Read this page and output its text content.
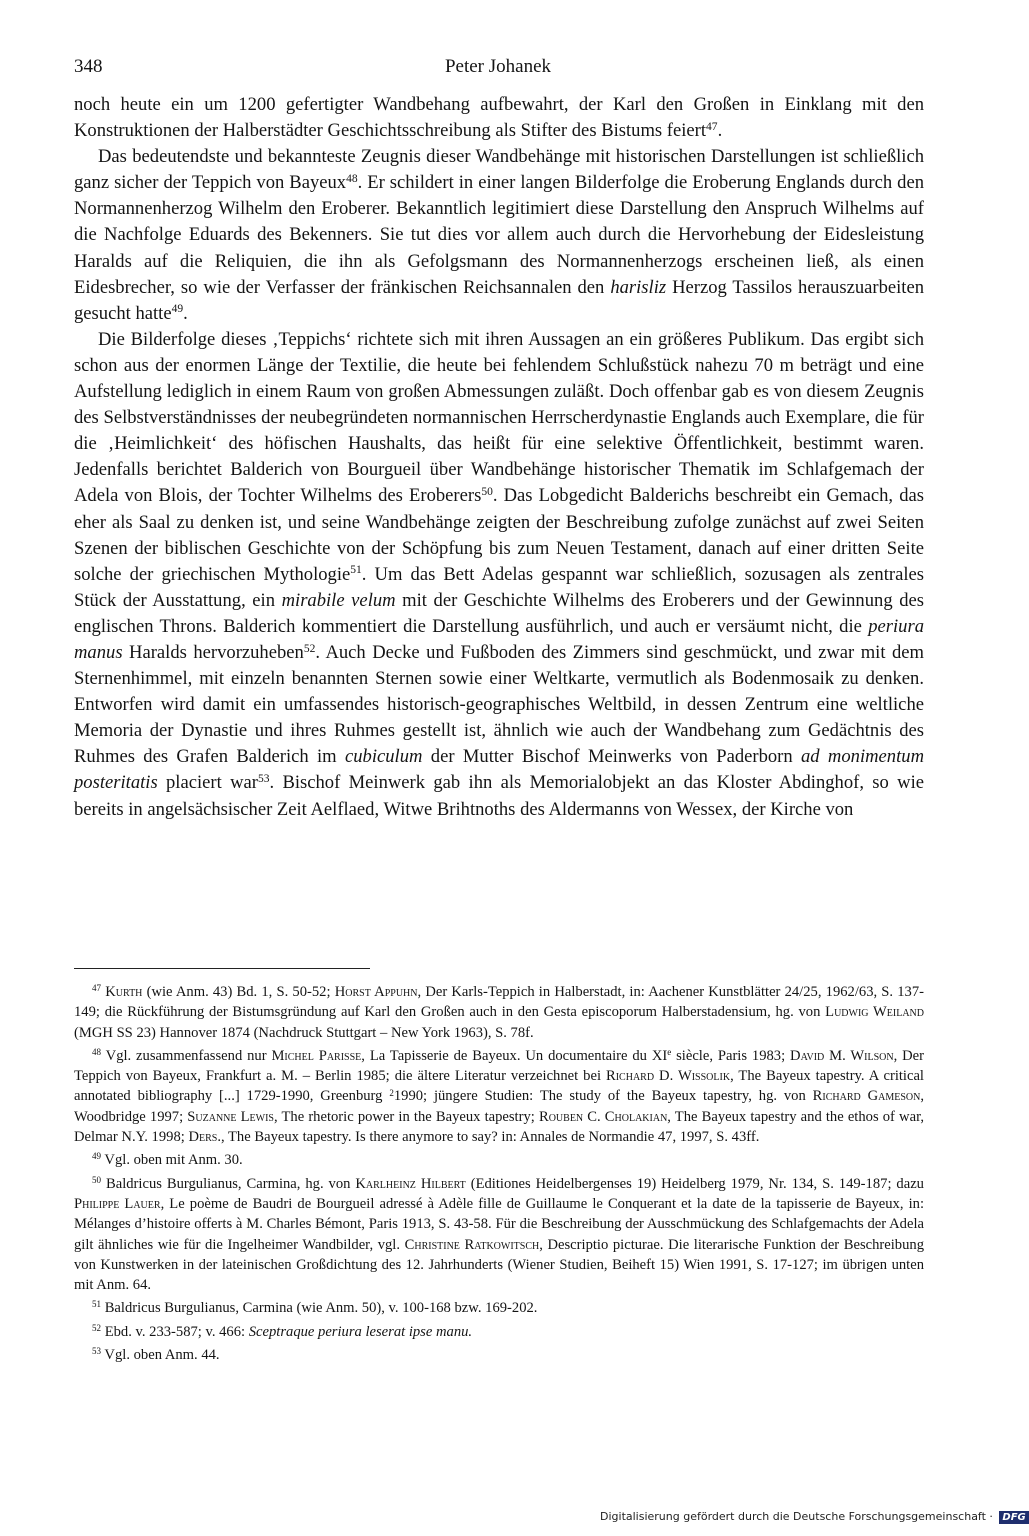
348	Peter Johanek

noch heute ein um 1200 gefertigter Wandbehang aufbewahrt, der Karl den Großen in Einklang mit den Konstruktionen der Halberstädter Geschichtsschreibung als Stifter des Bistums feiert$^{47}$.

Das bedeutendste und bekannteste Zeugnis dieser Wandbehänge mit historischen Darstellungen ist schließlich ganz sicher der Teppich von Bayeux$^{48}$. Er schildert in einer langen Bilderfolge die Eroberung Englands durch den Normannenherzog Wilhelm den Eroberer. Bekanntlich legitimiert diese Darstellung den Anspruch Wilhelms auf die Nachfolge Eduards des Bekenners. Sie tut dies vor allem auch durch die Hervorhebung der Eidesleistung Haralds auf die Reliquien, die ihn als Gefolgsmann des Normannenherzogs erscheinen ließ, als einen Eidesbrecher, so wie der Verfasser der fränkischen Reichsannalen den harisliz Herzog Tassilos herauszuarbeiten gesucht hatte$^{49}$.

Die Bilderfolge dieses ‚Teppichs‘ richtete sich mit ihren Aussagen an ein größeres Publikum. Das ergibt sich schon aus der enormen Länge der Textilie, die heute bei fehlendem Schlußstück nahezu 70 m beträgt und eine Aufstellung lediglich in einem Raum von großen Abmessungen zuläßt. Doch offenbar gab es von diesem Zeugnis des Selbstverständnisses der neubegründeten normannischen Herrscherdynastie Englands auch Exemplare, die für die ‚Heimlichkeit‘ des höfischen Haushalts, das heißt für eine selektive Öffentlichkeit, bestimmt waren. Jedenfalls berichtet Balderich von Bourgueil über Wandbehänge historischer Thematik im Schlafgemach der Adela von Blois, der Tochter Wilhelms des Eroberers$^{50}$. Das Lobgedicht Balderichs beschreibt ein Gemach, das eher als Saal zu denken ist, und seine Wandbehänge zeigten der Beschreibung zufolge zunächst auf zwei Seiten Szenen der biblischen Geschichte von der Schöpfung bis zum Neuen Testament, danach auf einer dritten Seite solche der griechischen Mythologie$^{51}$. Um das Bett Adelas gespannt war schließlich, sozusagen als zentrales Stück der Ausstattung, ein mirabile velum mit der Geschichte Wilhelms des Eroberers und der Gewinnung des englischen Throns. Balderich kommentiert die Darstellung ausführlich, und auch er versäumt nicht, die periura manus Haralds hervorzuheben$^{52}$. Auch Decke und Fußboden des Zimmers sind geschmückt, und zwar mit dem Sternenhimmel, mit einzeln benannten Sternen sowie einer Weltkarte, vermutlich als Bodenmosaik zu denken. Entworfen wird damit ein umfassendes historisch-geographisches Weltbild, in dessen Zentrum eine weltliche Memoria der Dynastie und ihres Ruhmes gestellt ist, ähnlich wie auch der Wandbehang zum Gedächtnis des Ruhmes des Grafen Balderich im cubiculum der Mutter Bischof Meinwerks von Paderborn ad monimentum posteritatis placiert war$^{53}$. Bischof Meinwerk gab ihn als Memorialobjekt an das Kloster Abdinghof, so wie bereits in angelsächsischer Zeit Aelflaed, Witwe Brihtnoths des Aldermanns von Wessex, der Kirche von

$^{47}$ Kurth (wie Anm. 43) Bd. 1, S. 50-52; Horst Appuhn, Der Karls-Teppich in Halberstadt, in: Aachener Kunstblätter 24/25, 1962/63, S. 137-149; die Rückführung der Bistumsgründung auf Karl den Großen auch in den Gesta episcoporum Halberstadensium, hg. von Ludwig Weiland (MGH SS 23) Hannover 1874 (Nachdruck Stuttgart – New York 1963), S. 78f.

$^{48}$ Vgl. zusammenfassend nur Michel Parisse, La Tapisserie de Bayeux. Un documentaire du XIe siècle, Paris 1983; David M. Wilson, Der Teppich von Bayeux, Frankfurt a. M. – Berlin 1985; die ältere Literatur verzeichnet bei Richard D. Wissolik, The Bayeux tapestry. A critical annotated bibliography [...] 1729-1990, Greenburg $^2$1990; jüngere Studien: The study of the Bayeux tapestry, hg. von Richard Gameson, Woodbridge 1997; Suzanne Lewis, The rhetoric power in the Bayeux tapestry; Rouben C. Cholakian, The Bayeux tapestry and the ethos of war, Delmar N.Y. 1998; Ders., The Bayeux tapestry. Is there anymore to say? in: Annales de Normandie 47, 1997, S. 43ff.

$^{49}$ Vgl. oben mit Anm. 30.

$^{50}$ Baldricus Burgulianus, Carmina, hg. von Karlheinz Hilbert (Editiones Heidelbergenses 19) Heidelberg 1979, Nr. 134, S. 149-187; dazu Philippe Lauer, Le poème de Baudri de Bourgueil adressé à Adèle fille de Guillaume le Conquerant et la date de la tapisserie de Bayeux, in: Mélanges d’histoire offerts à M. Charles Bémont, Paris 1913, S. 43-58. Für die Beschreibung der Ausschmückung des Schlafgemachts der Adela gilt ähnliches wie für die Ingelheimer Wandbilder, vgl. Christine Ratkowitsch, Descriptio picturae. Die literarische Funktion der Beschreibung von Kunstwerken in der lateinischen Großdichtung des 12. Jahrhunderts (Wiener Studien, Beiheft 15) Wien 1991, S. 17-127; im übrigen unten mit Anm. 64.

$^{51}$ Baldricus Burgulianus, Carmina (wie Anm. 50), v. 100-168 bzw. 169-202.

$^{52}$ Ebd. v. 233-587; v. 466: Sceptraque periura leserat ipse manu.

$^{53}$ Vgl. oben Anm. 44.

Digitalisierung gefördert durch die Deutsche Forschungsgemeinschaft · DFG
